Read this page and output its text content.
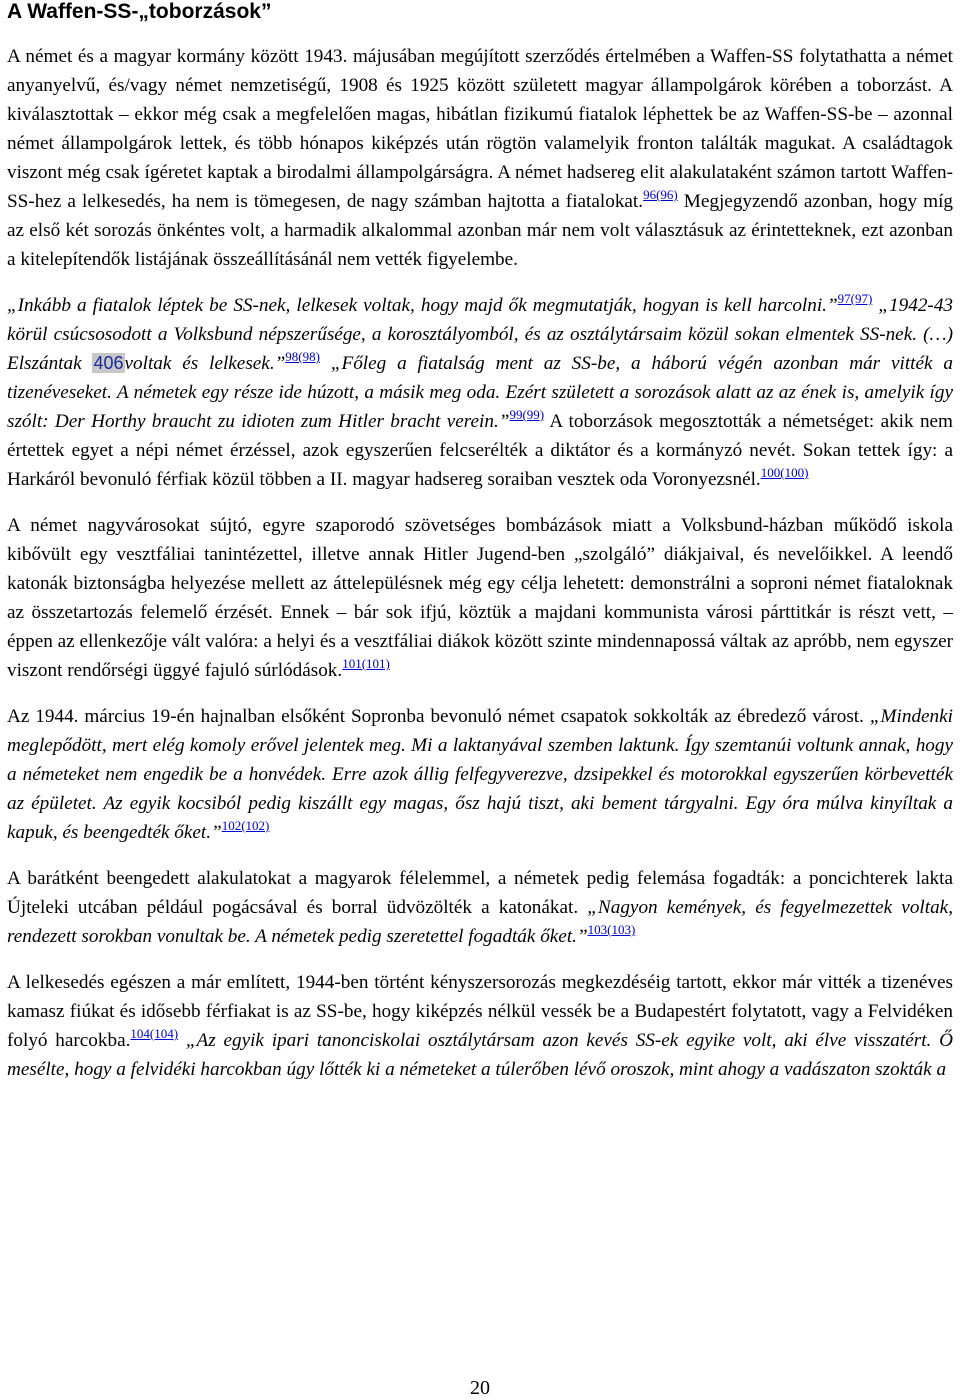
A Waffen-SS-„toborzások”

A német és a magyar kormány között 1943. májusában megújított szerződés értelmében a Waffen-SS folytathatta a német anyanyelvű, és/vagy német nemzetiségű, 1908 és 1925 között született magyar állampolgárok körében a toborzást. A kiválasztottak – ekkor még csak a megfelelően magas, hibátlan fizikumú fiatalok léphettek be az Waffen-SS-be – azonnal német állampolgárok lettek, és több hónapos kiképzés után rögtön valamelyik fronton találták magukat. A családtagok viszont még csak ígéretet kaptak a birodalmi állampolgárságra. A német hadsereg elit alakulataként számon tartott Waffen-SS-hez a lelkesedés, ha nem is tömegesen, de nagy számban hajtotta a fiatalokat.$^{96(96)}$ Megjegyzendő azonban, hogy míg az első két sorozás önkéntes volt, a harmadik alkalommal azonban már nem volt választásuk az érintetteknek, ezt azonban a kitelepítendők listájának összeállításánál nem vették figyelembe.

„Inkább a fiatalok léptek be SS-nek, lelkesek voltak, hogy majd ők megmutatják, hogyan is kell harcolni.”$^{97(97)}$ „1942-43 körül csúcsosodott a Volksbund népszerűsége, a korosztályomból, és az osztálytársaim közül sokan elmentek SS-nek. (…) Elszántak 406voltak és lelkesek.”$^{98(98)}$ „Főleg a fiatalság ment az SS-be, a háború végén azonban már vitték a tizenéveseket. A németek egy része ide húzott, a másik meg oda. Ezért született a sorozások alatt az az ének is, amelyik így szólt: Der Horthy braucht zu idioten zum Hitler bracht verein.”$^{99(99)}$ A toborzások megosztották a németséget: akik nem értettek egyet a népi német érzéssel, azok egyszerűen felcserélték a diktátor és a kormányzó nevét. Sokan tettek így: a Harkáról bevonuló férfiak közül többen a II. magyar hadsereg soraiban vesztek oda Voronyezsnél.$^{100(100)}$

A német nagyvárosokat sújtó, egyre szaporodó szövetséges bombázások miatt a Volksbund-házban működő iskola kibővült egy vesztfáliai tanintézettel, illetve annak Hitler Jugend-ben „szolgáló” diákjaival, és nevelőikkel. A leendő katonák biztonságba helyezése mellett az áttelepülésnek még egy célja lehetett: demonstrálni a soproni német fiataloknak az összetartozás felemelő érzését. Ennek – bár sok ifjú, köztük a majdani kommunista városi párttitkár is részt vett, – éppen az ellenkezője vált valóra: a helyi és a vesztfáliai diákok között szinte mindennapossá váltak az apróbb, nem egyszer viszont rendőrségi üggyé fajuló súrlódások.$^{101(101)}$

Az 1944. március 19-én hajnalban elsőként Sopronba bevonuló német csapatok sokkolták az ébredező várost. „Mindenki meglepődött, mert elég komoly erővel jelentek meg. Mi a laktanyával szemben laktunk. Így szemtanúi voltunk annak, hogy a németeket nem engedik be a honvédek. Erre azok állig felfegyverezve, dzsipekkel és motorokkal egyszerűen körbevették az épületet. Az egyik kocsiból pedig kiszállt egy magas, ősz hajú tiszt, aki bement tárgyalni. Egy óra múlva kinyíltak a kapuk, és beengedték őket.”$^{102(102)}$

A barátként beengedett alakulatokat a magyarok félelemmel, a németek pedig felemása fogadták: a poncichterek lakta Újteleki utcában például pogácsával és borral üdvözölték a katonákat. „Nagyon kemények, és fegyelmezettek voltak, rendezett sorokban vonultak be. A németek pedig szeretettel fogadták őket.”$^{103(103)}$

A lelkesedés egészen a már említett, 1944-ben történt kényszersorozás megkezdéséig tartott, ekkor már vitték a tizenéves kamasz fiúkat és idősebb férfiakat is az SS-be, hogy kiképzés nélkül vessék be a Budapestért folytatott, vagy a Felvidéken folyó harcokba.$^{104(104)}$ „Az egyik ipari tanonciskolai osztálytársam azon kevés SS-ek egyike volt, aki élve visszatért. Ő mesélte, hogy a felvidéki harcokban úgy lőtték ki a németeket a túlerőben lévő oroszok, mint ahogy a vadászaton szokták a

20
